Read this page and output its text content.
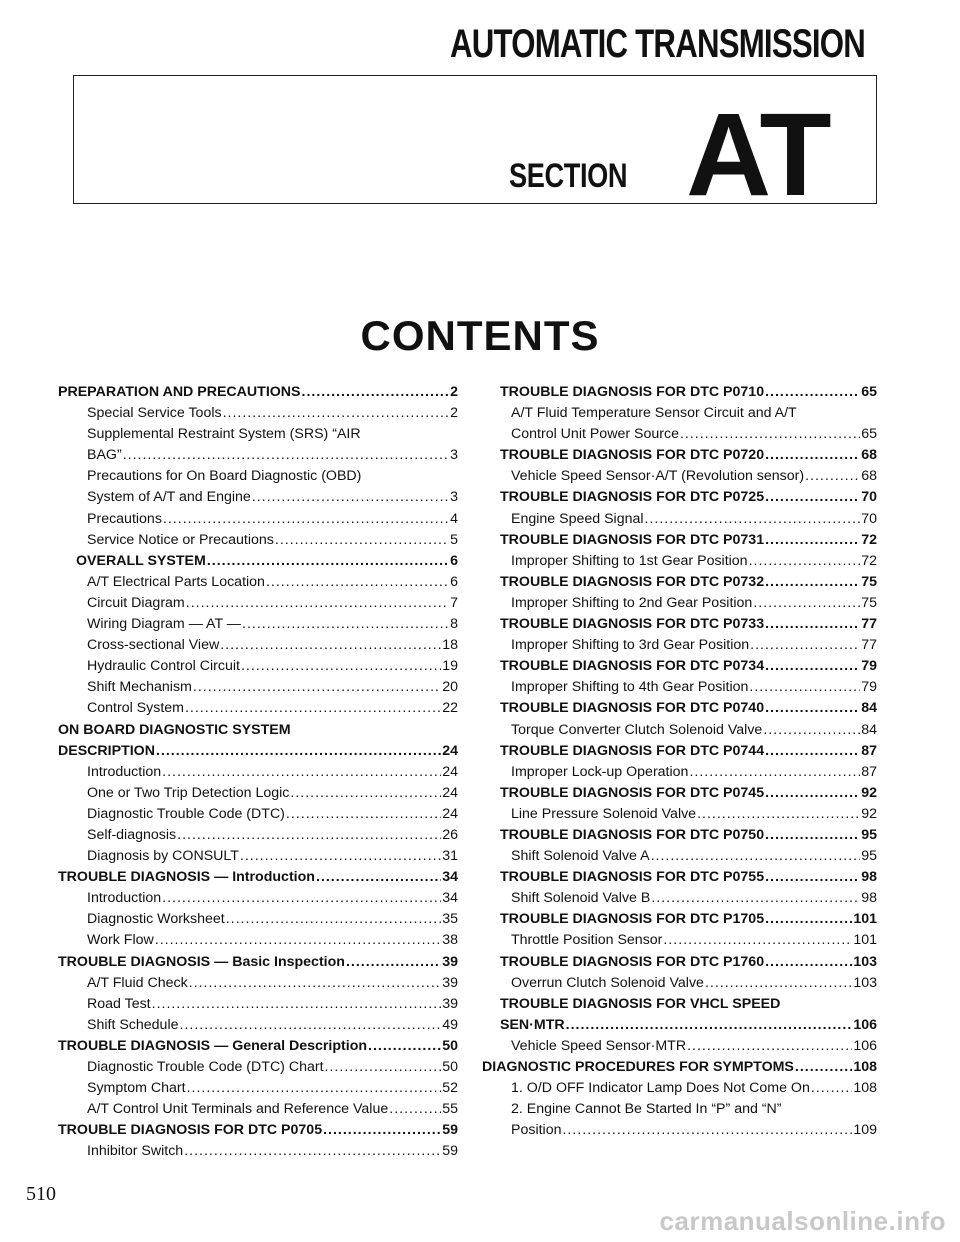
AUTOMATIC TRANSMISSION
SECTION AT
CONTENTS
PREPARATION AND PRECAUTIONS .....	2
Special Service Tools .....	2
Supplemental Restraint System (SRS) “AIR
BAG” .....	3
Precautions for On Board Diagnostic (OBD)
System of A/T and Engine .....	3
Precautions .....	4
Service Notice or Precautions .....	5
OVERALL SYSTEM .....	6
A/T Electrical Parts Location .....	6
Circuit Diagram .....	7
Wiring Diagram — AT — .....	8
Cross-sectional View .....	18
Hydraulic Control Circuit .....	19
Shift Mechanism .....	20
Control System .....	22
ON BOARD DIAGNOSTIC SYSTEM
DESCRIPTION .....	24
Introduction .....	24
One or Two Trip Detection Logic .....	24
Diagnostic Trouble Code (DTC) .....	24
Self-diagnosis .....	26
Diagnosis by CONSULT .....	31
TROUBLE DIAGNOSIS — Introduction .....	34
Introduction .....	34
Diagnostic Worksheet .....	35
Work Flow .....	38
TROUBLE DIAGNOSIS — Basic Inspection .....	39
A/T Fluid Check .....	39
Road Test .....	39
Shift Schedule .....	49
TROUBLE DIAGNOSIS — General Description .....	50
Diagnostic Trouble Code (DTC) Chart .....	50
Symptom Chart .....	52
A/T Control Unit Terminals and Reference Value .....	55
TROUBLE DIAGNOSIS FOR DTC P0705 .....	59
Inhibitor Switch .....	59
TROUBLE DIAGNOSIS FOR DTC P0710 .....	65
A/T Fluid Temperature Sensor Circuit and A/T
Control Unit Power Source .....	65
TROUBLE DIAGNOSIS FOR DTC P0720 .....	68
Vehicle Speed Sensor·A/T (Revolution sensor) .....	68
TROUBLE DIAGNOSIS FOR DTC P0725 .....	70
Engine Speed Signal .....	70
TROUBLE DIAGNOSIS FOR DTC P0731 .....	72
Improper Shifting to 1st Gear Position .....	72
TROUBLE DIAGNOSIS FOR DTC P0732 .....	75
Improper Shifting to 2nd Gear Position .....	75
TROUBLE DIAGNOSIS FOR DTC P0733 .....	77
Improper Shifting to 3rd Gear Position .....	77
TROUBLE DIAGNOSIS FOR DTC P0734 .....	79
Improper Shifting to 4th Gear Position .....	79
TROUBLE DIAGNOSIS FOR DTC P0740 .....	84
Torque Converter Clutch Solenoid Valve .....	84
TROUBLE DIAGNOSIS FOR DTC P0744 .....	87
Improper Lock-up Operation .....	87
TROUBLE DIAGNOSIS FOR DTC P0745 .....	92
Line Pressure Solenoid Valve .....	92
TROUBLE DIAGNOSIS FOR DTC P0750 .....	95
Shift Solenoid Valve A .....	95
TROUBLE DIAGNOSIS FOR DTC P0755 .....	98
Shift Solenoid Valve B .....	98
TROUBLE DIAGNOSIS FOR DTC P1705 .....	101
Throttle Position Sensor .....	101
TROUBLE DIAGNOSIS FOR DTC P1760 .....	103
Overrun Clutch Solenoid Valve .....	103
TROUBLE DIAGNOSIS FOR VHCL SPEED
SEN·MTR .....	106
Vehicle Speed Sensor·MTR .....	106
DIAGNOSTIC PROCEDURES FOR SYMPTOMS .....	108
1. O/D OFF Indicator Lamp Does Not Come On .....	108
2. Engine Cannot Be Started In “P” and “N”
Position .....	109
510
carmanualsonline.info
